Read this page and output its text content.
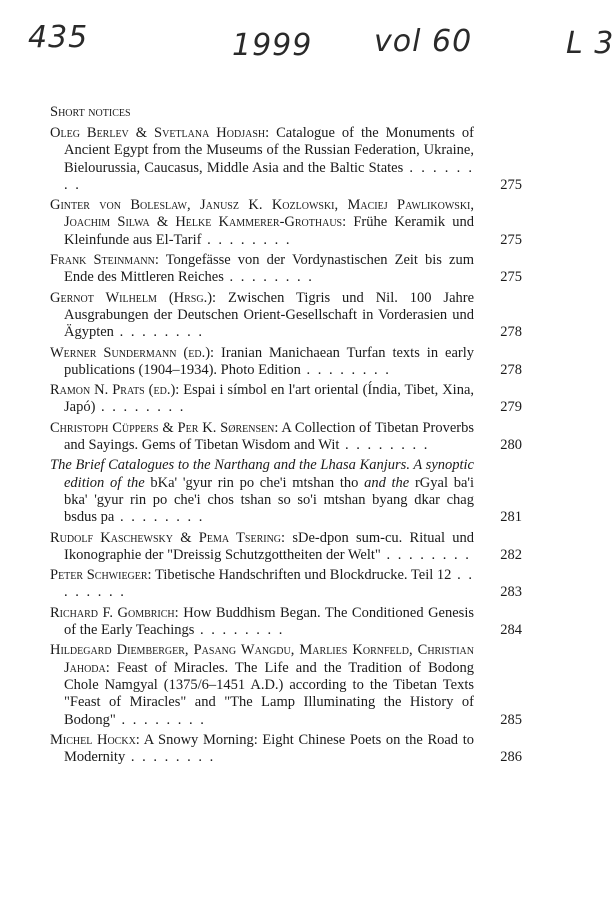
435	1999 vol 60	L 3
Short notices
Oleg Berlev & Svetlana Hodjash: Catalogue of the Monuments of Ancient Egypt from the Museums of the Russian Federation, Ukraine, Bielourussia, Caucasus, Middle Asia and the Baltic States . . . . . . . .	275
Ginter von Boleslaw, Janusz K. Kozlowski, Maciej Pawlikowski, Joachim Silwa & Helke Kammerer-Grothaus: Frühe Keramik und Kleinfunde aus El-Tarif . . . . . . . .	275
Frank Steinmann: Tongefässe von der Vordynastischen Zeit bis zum Ende des Mittleren Reiches . . . . . . . .	275
Gernot Wilhelm (Hrsg.): Zwischen Tigris und Nil. 100 Jahre Ausgrabungen der Deutschen Orient-Gesellschaft in Vorderasien und Ägypten . . . . . . . .	278
Werner Sundermann (ed.): Iranian Manichaean Turfan texts in early publications (1904–1934). Photo Edition . . . . . . . .	278
Ramon N. Prats (ed.): Espai i símbol en l'art oriental (Índia, Tibet, Xina, Japó) . . . . . . . .	279
Christoph Cüppers & Per K. Sørensen: A Collection of Tibetan Proverbs and Sayings. Gems of Tibetan Wisdom and Wit . . . . . . . .	280
The Brief Catalogues to the Narthang and the Lhasa Kanjurs. A synoptic edition of the bKa' 'gyur rin po che'i mtshan tho and the rGyal ba'i bka' 'gyur rin po che'i chos tshan so so'i mtshan byang dkar chag bsdus pa . . . . . . . .	281
Rudolf Kaschewsky & Pema Tsering: sDe-dpon sum-cu. Ritual und Ikonographie der "Dreissig Schutzgottheiten der Welt" . . . . . . . .	282
Peter Schwieger: Tibetische Handschriften und Blockdrucke. Teil 12 . . . . . . . .	283
Richard F. Gombrich: How Buddhism Began. The Conditioned Genesis of the Early Teachings . . . . . . . .	284
Hildegard Diemberger, Pasang Wangdu, Marlies Kornfeld, Christian Jahoda: Feast of Miracles. The Life and the Tradition of Bodong Chole Namgyal (1375/6–1451 A.D.) according to the Tibetan Texts "Feast of Miracles" and "The Lamp Illuminating the History of Bodong" . . . . . . . .	285
Michel Hockx: A Snowy Morning: Eight Chinese Poets on the Road to Modernity . . . . . . . .	286
